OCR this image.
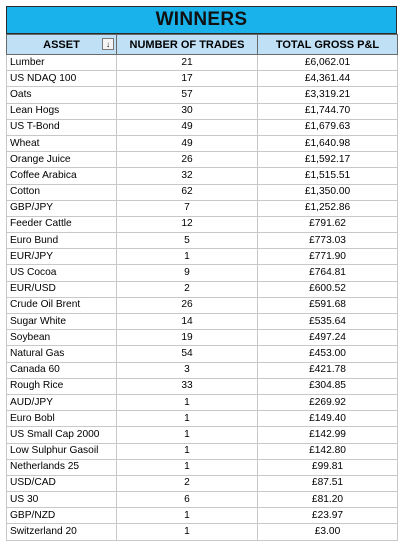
WINNERS
ASSET ↓	NUMBER OF TRADES	TOTAL GROSS P&L
Lumber	21	£6,062.01
US NDAQ 100	17	£4,361.44
Oats	57	£3,319.21
Lean Hogs	30	£1,744.70
US T-Bond	49	£1,679.63
Wheat	49	£1,640.98
Orange Juice	26	£1,592.17
Coffee Arabica	32	£1,515.51
Cotton	62	£1,350.00
GBP/JPY	7	£1,252.86
Feeder Cattle	12	£791.62
Euro Bund	5	£773.03
EUR/JPY	1	£771.90
US Cocoa	9	£764.81
EUR/USD	2	£600.52
Crude Oil Brent	26	£591.68
Sugar White	14	£535.64
Soybean	19	£497.24
Natural Gas	54	£453.00
Canada 60	3	£421.78
Rough Rice	33	£304.85
AUD/JPY	1	£269.92
Euro Bobl	1	£149.40
US Small Cap 2000	1	£142.99
Low Sulphur Gasoil	1	£142.80
Netherlands 25	1	£99.81
USD/CAD	2	£87.51
US 30	6	£81.20
GBP/NZD	1	£23.97
Switzerland 20	1	£3.00
